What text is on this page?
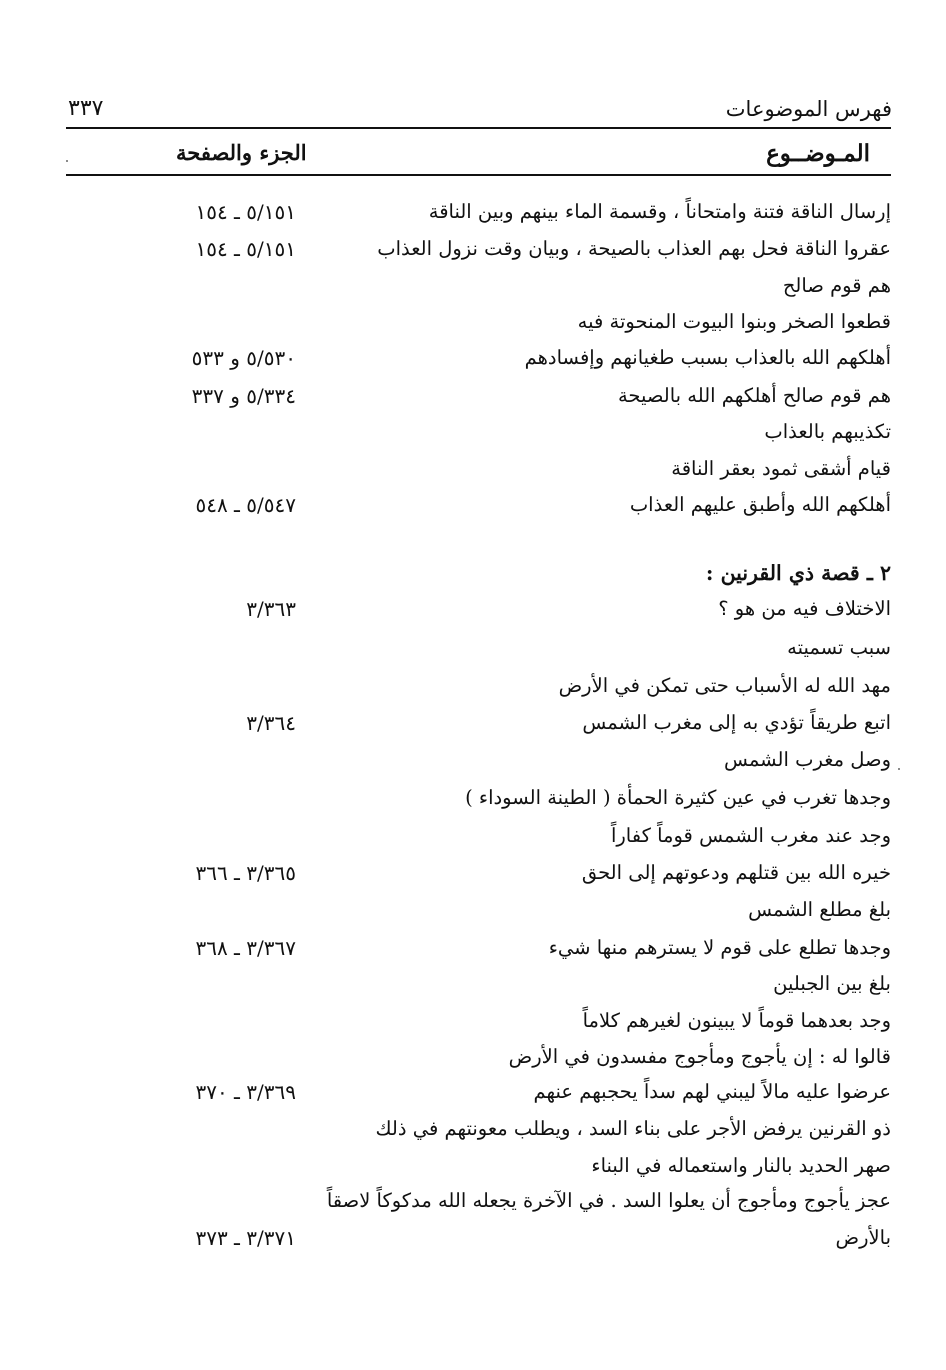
فهرس الموضوعات
٣٣٧
المـوضــوع
الجزء والصفحة
إرسال الناقة فتنة وامتحاناً ، وقسمة الماء بينهم وبين الناقة
٥/١٥١ ـ ١٥٤
عقروا الناقة فحل بهم العذاب بالصيحة ، وبيان وقت نزول العذاب
٥/١٥١ ـ ١٥٤
هم قوم صالح
قطعوا الصخر وبنوا البيوت المنحوتة فيه
أهلكهم الله بالعذاب بسبب طغيانهم وإفسادهم
٥/٥٣٠ و ٥٣٣
هم قوم صالح أهلكهم الله بالصيحة
٥/٣٣٤ و ٣٣٧
تكذيبهم بالعذاب
قيام أشقى ثمود بعقر الناقة
أهلكهم الله وأطبق عليهم العذاب
٥/٥٤٧ ـ ٥٤٨
٢ ـ قصة ذي القرنين :
الاختلاف فيه من هو ؟
٣/٣٦٣
سبب تسميته
مهد الله له الأسباب حتى تمكن في الأرض
اتبع طريقاً تؤدي به إلى مغرب الشمس
٣/٣٦٤
وصل مغرب الشمس
وجدها تغرب في عين كثيرة الحمأة ( الطينة السوداء )
وجد عند مغرب الشمس قوماً كفاراً
خيره الله بين قتلهم ودعوتهم إلى الحق
٣/٣٦٥ ـ ٣٦٦
بلغ مطلع الشمس
وجدها تطلع على قوم لا يسترهم منها شيء
٣/٣٦٧ ـ ٣٦٨
بلغ بين الجبلين
وجد بعدهما قوماً لا يبينون لغيرهم كلاماً
قالوا له : إن يأجوج ومأجوج مفسدون في الأرض
عرضوا عليه مالاً ليبني لهم سداً يحجبهم عنهم
٣/٣٦٩ ـ ٣٧٠
ذو القرنين يرفض الأجر على بناء السد ، ويطلب معونتهم في ذلك
صهر الحديد بالنار واستعماله في البناء
عجز يأجوج ومأجوج أن يعلوا السد . في الآخرة يجعله الله مدكوكاً لاصقاً
بالأرض
٣/٣٧١ ـ ٣٧٣
